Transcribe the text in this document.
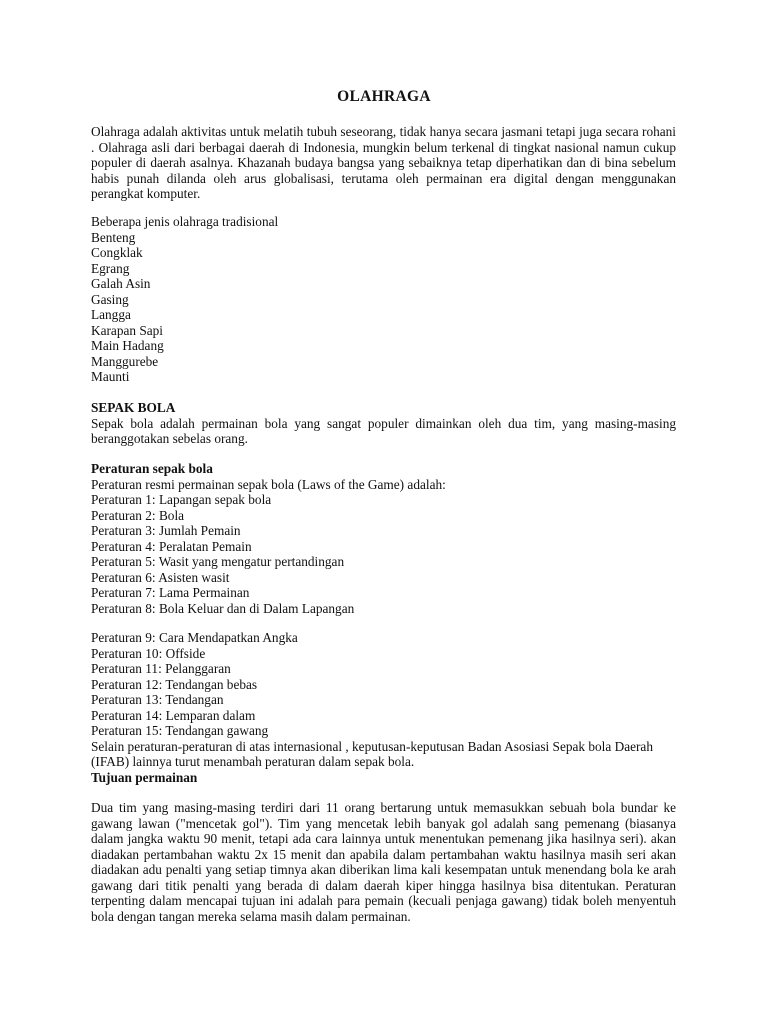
OLAHRAGA
Olahraga adalah aktivitas untuk melatih tubuh seseorang, tidak hanya secara jasmani tetapi juga secara rohani . Olahraga asli dari berbagai daerah di Indonesia, mungkin belum terkenal di tingkat nasional namun cukup populer di daerah asalnya. Khazanah budaya bangsa yang sebaiknya tetap diperhatikan dan di bina sebelum habis punah dilanda oleh arus globalisasi, terutama oleh permainan era digital dengan menggunakan perangkat komputer.
Beberapa jenis olahraga tradisional
Benteng
Congklak
Egrang
Galah Asin
Gasing
Langga
Karapan Sapi
Main Hadang
Manggurebe
Maunti
SEPAK BOLA
Sepak bola adalah permainan bola yang sangat populer dimainkan oleh dua tim, yang masing-masing beranggotakan sebelas orang.
Peraturan sepak bola
Peraturan resmi permainan sepak bola (Laws of the Game) adalah:
Peraturan 1: Lapangan sepak bola
Peraturan 2: Bola
Peraturan 3: Jumlah Pemain
Peraturan 4: Peralatan Pemain
Peraturan 5: Wasit yang mengatur pertandingan
Peraturan 6: Asisten wasit
Peraturan 7: Lama Permainan
Peraturan 8: Bola Keluar dan di Dalam Lapangan
Peraturan 9: Cara Mendapatkan Angka
Peraturan 10: Offside
Peraturan 11: Pelanggaran
Peraturan 12: Tendangan bebas
Peraturan 13: Tendangan
Peraturan 14: Lemparan dalam
Peraturan 15: Tendangan gawang
Selain peraturan-peraturan di atas internasional , keputusan-keputusan Badan Asosiasi Sepak bola Daerah (IFAB) lainnya turut menambah peraturan dalam sepak bola.
Tujuan permainan
Dua tim yang masing-masing terdiri dari 11 orang bertarung untuk memasukkan sebuah bola bundar ke gawang lawan ("mencetak gol"). Tim yang mencetak lebih banyak gol adalah sang pemenang (biasanya dalam jangka waktu 90 menit, tetapi ada cara lainnya untuk menentukan pemenang jika hasilnya seri). akan diadakan pertambahan waktu 2x 15 menit dan apabila dalam pertambahan waktu hasilnya masih seri akan diadakan adu penalti yang setiap timnya akan diberikan lima kali kesempatan untuk menendang bola ke arah gawang dari titik penalti yang berada di dalam daerah kiper hingga hasilnya bisa ditentukan. Peraturan terpenting dalam mencapai tujuan ini adalah para pemain (kecuali penjaga gawang) tidak boleh menyentuh bola dengan tangan mereka selama masih dalam permainan.
